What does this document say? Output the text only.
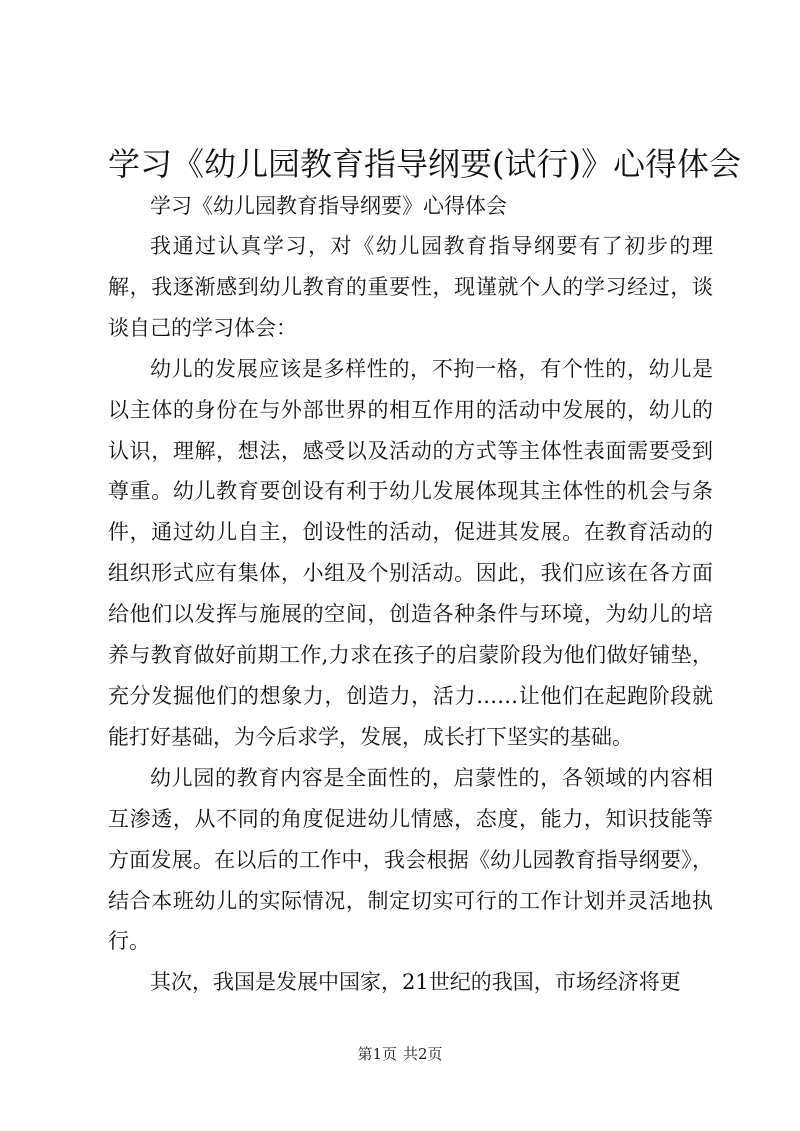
学习《幼儿园教育指导纲要(试行)》心得体会
学习《幼儿园教育指导纲要》心得体会

我通过认真学习，对《幼儿园教育指导纲要有了初步的理解，我逐渐感到幼儿教育的重要性，现谨就个人的学习经过，谈谈自己的学习体会：

幼儿的发展应该是多样性的，不拘一格，有个性的，幼儿是以主体的身份在与外部世界的相互作用的活动中发展的，幼儿的认识，理解，想法，感受以及活动的方式等主体性表面需要受到尊重。幼儿教育要创设有利于幼儿发展体现其主体性的机会与条件，通过幼儿自主，创设性的活动，促进其发展。在教育活动的组织形式应有集体，小组及个别活动。因此，我们应该在各方面给他们以发挥与施展的空间，创造各种条件与环境，为幼儿的培养与教育做好前期工作,力求在孩子的启蒙阶段为他们做好铺垫，充分发掘他们的想象力，创造力，活力……让他们在起跑阶段就能打好基础，为今后求学，发展，成长打下坚实的基础。

幼儿园的教育内容是全面性的，启蒙性的，各领域的内容相互渗透，从不同的角度促进幼儿情感，态度，能力，知识技能等方面发展。在以后的工作中，我会根据《幼儿园教育指导纲要》，结合本班幼儿的实际情况，制定切实可行的工作计划并灵活地执行。

其次，我国是发展中国家，21世纪的我国，市场经济将更

第1页 共2页
